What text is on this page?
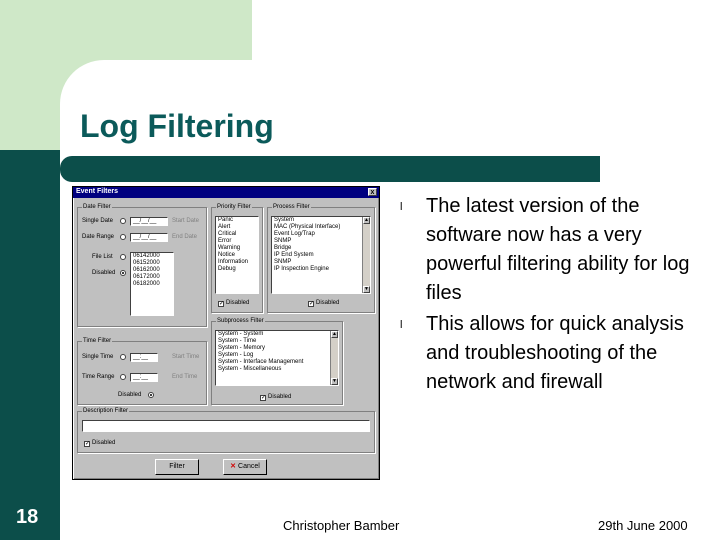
Log Filtering
Event Filters	x
Date Filter
Single Date	__/__/__	Start Date
Date Range	__/__/__	End Date
File List
Disabled
06142000
06152000
06162000
06172000
06182000
Priority Filter
Panic
Alert
Critical
Error
Warning
Notice
Information
Debug
✓ Disabled
Process Filter
System
MAC (Physical Interface)
Event Log/Trap
SNMP
Bridge
IP End System
SNMP
IP Inspection Engine
▲
▼
✓ Disabled
Subprocess Filter
System - System
System - Time
System - Memory
System - Log
System - Interface Management
System - Miscellaneous
▲
▼
✓ Disabled
Time Filter
Single Time	__:__	Start Time
Time Range	__:__	End Time
Disabled
Description Filter
✓ Disabled
Filter	✕ Cancel
l	The latest version of the software now has a very powerful filtering ability for log files
l	This allows for quick analysis and troubleshooting of the network and firewall
18	Christopher Bamber	29th June 2000
